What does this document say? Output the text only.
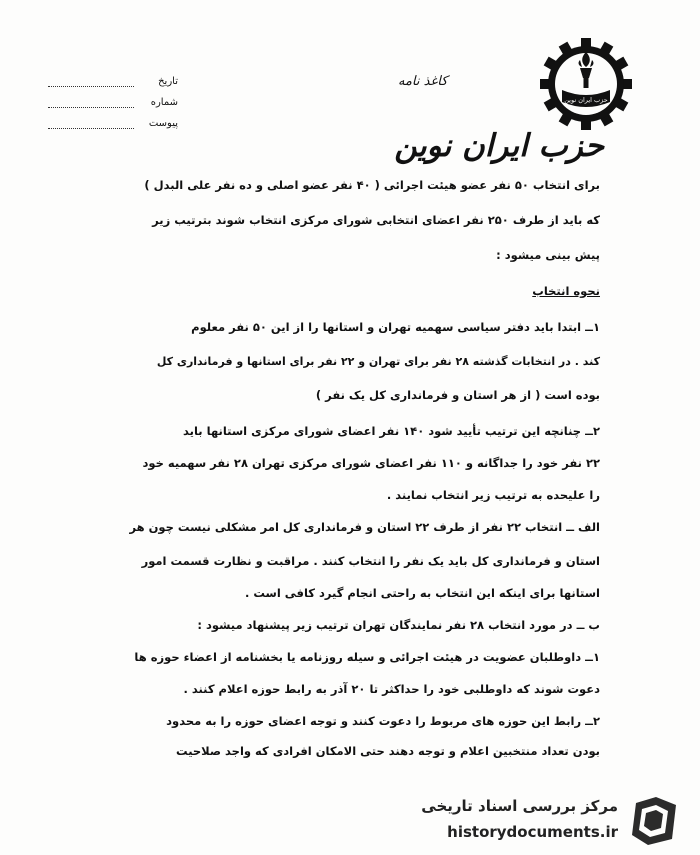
تاریخ
شماره
پیوست
کاغذ نامه
حزب ایران نوین
حزب ایران نوین
برای انتخاب ۵۰ نفر عضو هیئت اجرائی ( ۴۰ نفر عضو اصلی و ده نفر علی البدل )
که باید از طرف ۲۵۰ نفر اعضای انتخابی شورای مرکزی انتخاب شوند بترتیب زیر
پیش بینی میشود :
نحوه انتخاب
۱ــ ابتدا باید دفتر سیاسی سهمیه تهران و استانها را از این ۵۰ نفر معلوم
کند . در انتخابات گذشته ۲۸ نفر برای تهران و ۲۲ نفر برای استانها و فرمانداری کل
بوده است ( از هر استان و فرمانداری کل یک نفر )
۲ــ چنانچه این ترتیب تأیید شود ۱۴۰ نفر اعضای شورای مرکزی استانها باید
۲۲ نفر خود را جداگانه و ۱۱۰ نفر اعضای شورای مرکزی تهران ۲۸ نفر سهمیه خود
را علیحده به ترتیب زیر انتخاب نمایند .
الف ــ انتخاب ۲۲ نفر از طرف ۲۲ استان و فرمانداری کل امر مشکلی نیست چون هر
استان و فرمانداری کل باید یک نفر را انتخاب کنند . مراقبت و نظارت قسمت امور
استانها برای اینکه این انتخاب به راحتی انجام گیرد کافی است .
ب ــ در مورد انتخاب ۲۸ نفر نمایندگان تهران ترتیب زیر پیشنهاد میشود :
۱ــ داوطلبان عضویت در هیئت اجرائی و سیله روزنامه یا بخشنامه از اعضاء حوزه ها
دعوت شوند که داوطلبی خود را حداکثر تا ۲۰ آذر به رابط حوزه اعلام کنند .
۲ــ رابط این حوزه های مربوط را دعوت کنند و توجه اعضای حوزه را به محدود
بودن تعداد منتخبین اعلام و توجه دهند حتی الامکان افرادی که واجد صلاحیت
مرکز بررسی اسناد تاریخی
historydocuments.ir
